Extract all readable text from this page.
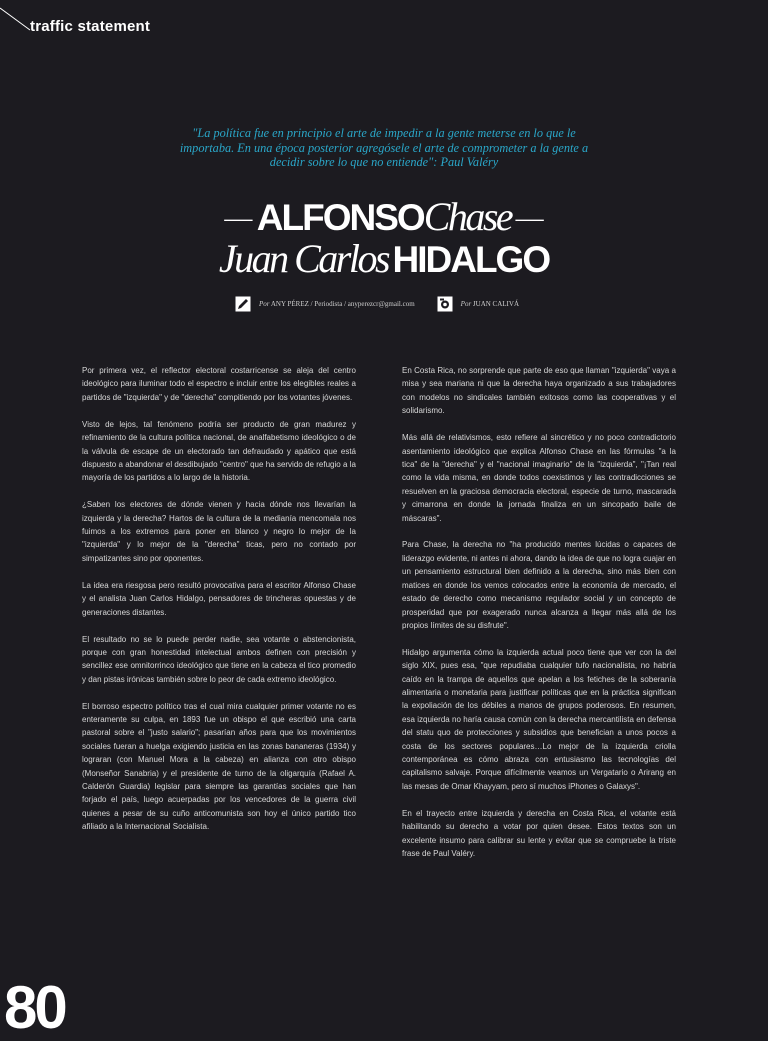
traffic statement
"La política fue en principio el arte de impedir a la gente meterse en lo que le importaba. En una época posterior agregósele el arte de comprometer a la gente a decidir sobre lo que no entiende": Paul Valéry
— ALFONSOChase —
Juan Carlos HIDALGO
Por ANY PÉREZ / Periodista / anyperezcr@gmail.com	Por JUAN CALIVÁ

Por primera vez, el reflector electoral costarricense se aleja del centro ideológico para iluminar todo el espectro e incluir entre los elegibles reales a partidos de "izquierda" y de "derecha" compitiendo por los votantes jóvenes.

Visto de lejos, tal fenómeno podría ser producto de gran madurez y refinamiento de la cultura política nacional, de analfabetismo ideológico o de la válvula de escape de un electorado tan defraudado y apático que está dispuesto a abandonar el desdibujado "centro" que ha servido de refugio a la mayoría de los partidos a lo largo de la historia.

¿Saben los electores de dónde vienen y hacia dónde nos llevarían la izquierda y la derecha? Hartos de la cultura de la medianía mencomala nos fuimos a los extremos para poner en blanco y negro lo mejor de la "izquierda" y lo mejor de la "derecha" ticas, pero no contado por simpatizantes sino por oponentes.

La idea era riesgosa pero resultó provocativa para el escritor Alfonso Chase y el analista Juan Carlos Hidalgo, pensadores de trincheras opuestas y de generaciones distantes.

El resultado no se lo puede perder nadie, sea votante o abstencionista, porque con gran honestidad intelectual ambos definen con precisión y sencillez ese omnitorrinco ideológico que tiene en la cabeza el tico promedio y dan pistas irónicas también sobre lo peor de cada extremo ideológico.

El borroso espectro político tras el cual mira cualquier primer votante no es enteramente su culpa, en 1893 fue un obispo el que escribió una carta pastoral sobre el "justo salario"; pasarían años para que los movimientos sociales fueran a huelga exigiendo justicia en las zonas bananeras (1934) y lograran (con Manuel Mora a la cabeza) en alianza con otro obispo (Monseñor Sanabria) y el presidente de turno de la oligarquía (Rafael A. Calderón Guardia) legislar para siempre las garantías sociales que han forjado el país, luego acuerpadas por los vencedores de la guerra civil quienes a pesar de su cuño anticomunista son hoy el único partido tico afiliado a la Internacional Socialista.

En Costa Rica, no sorprende que parte de eso que llaman "izquierda" vaya a misa y sea mariana ni que la derecha haya organizado a sus trabajadores con modelos no sindicales también exitosos como las cooperativas y el solidarismo.

Más allá de relativismos, esto refiere al sincrético y no poco contradictorio asentamiento ideológico que explica Alfonso Chase en las fórmulas "a la tica" de la "derecha" y el "nacional imaginario" de la "izquierda", "¡Tan real como la vida misma, en donde todos coexistimos y las contradicciones se resuelven en la graciosa democracia electoral, especie de turno, mascarada y cimarrona en donde la jornada finaliza en un sincopado baile de máscaras".

Para Chase, la derecha no "ha producido mentes lúcidas o capaces de liderazgo evidente, ni antes ni ahora, dando la idea de que no logra cuajar en un pensamiento estructural bien definido a la derecha, sino más bien con matices en donde los vemos colocados entre la economía de mercado, el estado de derecho como mecanismo regulador social y un concepto de prosperidad que por exagerado nunca alcanza a llegar más allá de los propios límites de su disfrute".

Hidalgo argumenta cómo la izquierda actual poco tiene que ver con la del siglo XIX, pues esa, "que repudiaba cualquier tufo nacionalista, no habría caído en la trampa de aquellos que apelan a los fetiches de la soberanía alimentaria o monetaria para justificar políticas que en la práctica significan la expoliación de los débiles a manos de grupos poderosos. En resumen, esa izquierda no haría causa común con la derecha mercantilista en defensa del statu quo de protecciones y subsidios que benefician a unos pocos a costa de los sectores populares…Lo mejor de la izquierda criolla contemporánea es cómo abraza con entusiasmo las tecnologías del capitalismo salvaje. Porque difícilmente veamos un Vergatario o Arirang en las mesas de Omar Khayyam, pero sí muchos iPhones o Galaxys".

En el trayecto entre izquierda y derecha en Costa Rica, el votante está habilitando su derecho a votar por quien desee. Estos textos son un excelente insumo para calibrar su lente y evitar que se compruebe la triste frase de Paul Valéry.

80
